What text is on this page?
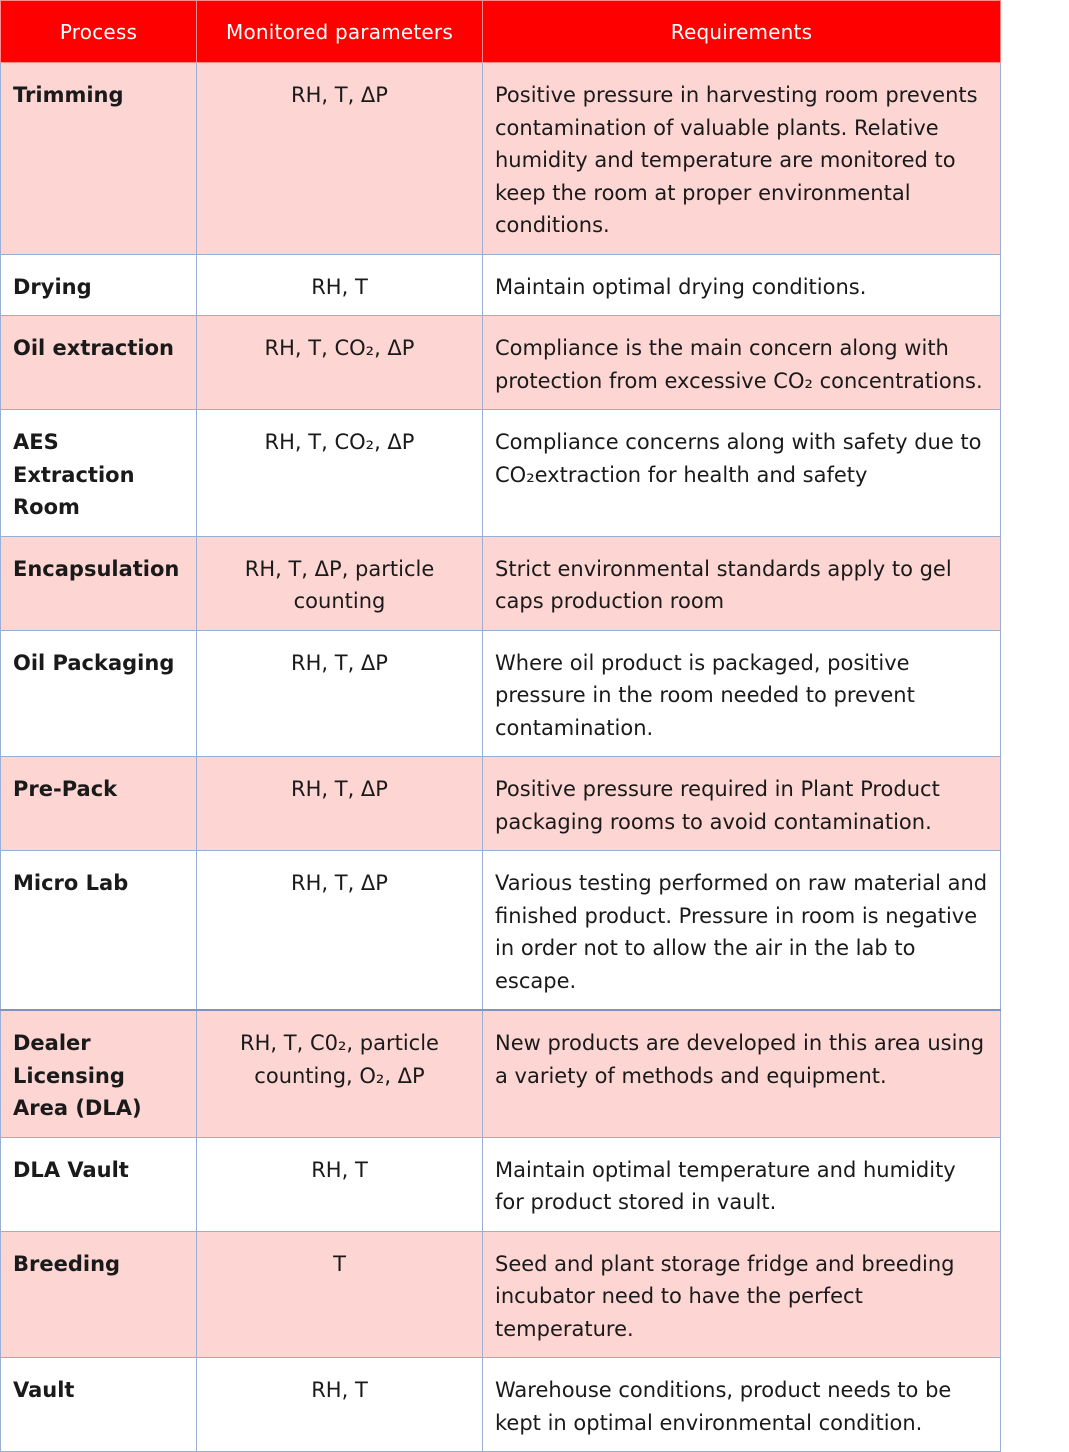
Process	Monitored parameters	Requirements
Trimming	RH, T, ΔP	Positive pressure in harvesting room prevents contamination of valuable plants. Relative humidity and temperature are monitored to keep the room at proper environmental conditions.
Drying	RH, T	Maintain optimal drying conditions.
Oil extraction	RH, T, CO₂, ΔP	Compliance is the main concern along with protection from excessive CO₂ concentrations.
AES Extraction Room	RH, T, CO₂, ΔP	Compliance concerns along with safety due to CO₂extraction for health and safety
Encapsulation	RH, T, ΔP, particle counting	Strict environmental standards apply to gel caps production room
Oil Packaging	RH, T, ΔP	Where oil product is packaged, positive pressure in the room needed to prevent contamination.
Pre-Pack	RH, T, ΔP	Positive pressure required in Plant Product packaging rooms to avoid contamination.
Micro Lab	RH, T, ΔP	Various testing performed on raw material and finished product. Pressure in room is negative in order not to allow the air in the lab to escape.
Dealer Licensing Area (DLA)	RH, T, C0₂, particle counting, O₂, ΔP	New products are developed in this area using a variety of methods and equipment.
DLA Vault	RH, T	Maintain optimal temperature and humidity for product stored in vault.
Breeding	T	Seed and plant storage fridge and breeding incubator need to have the perfect temperature.
Vault	RH, T	Warehouse conditions, product needs to be kept in optimal environmental condition.
